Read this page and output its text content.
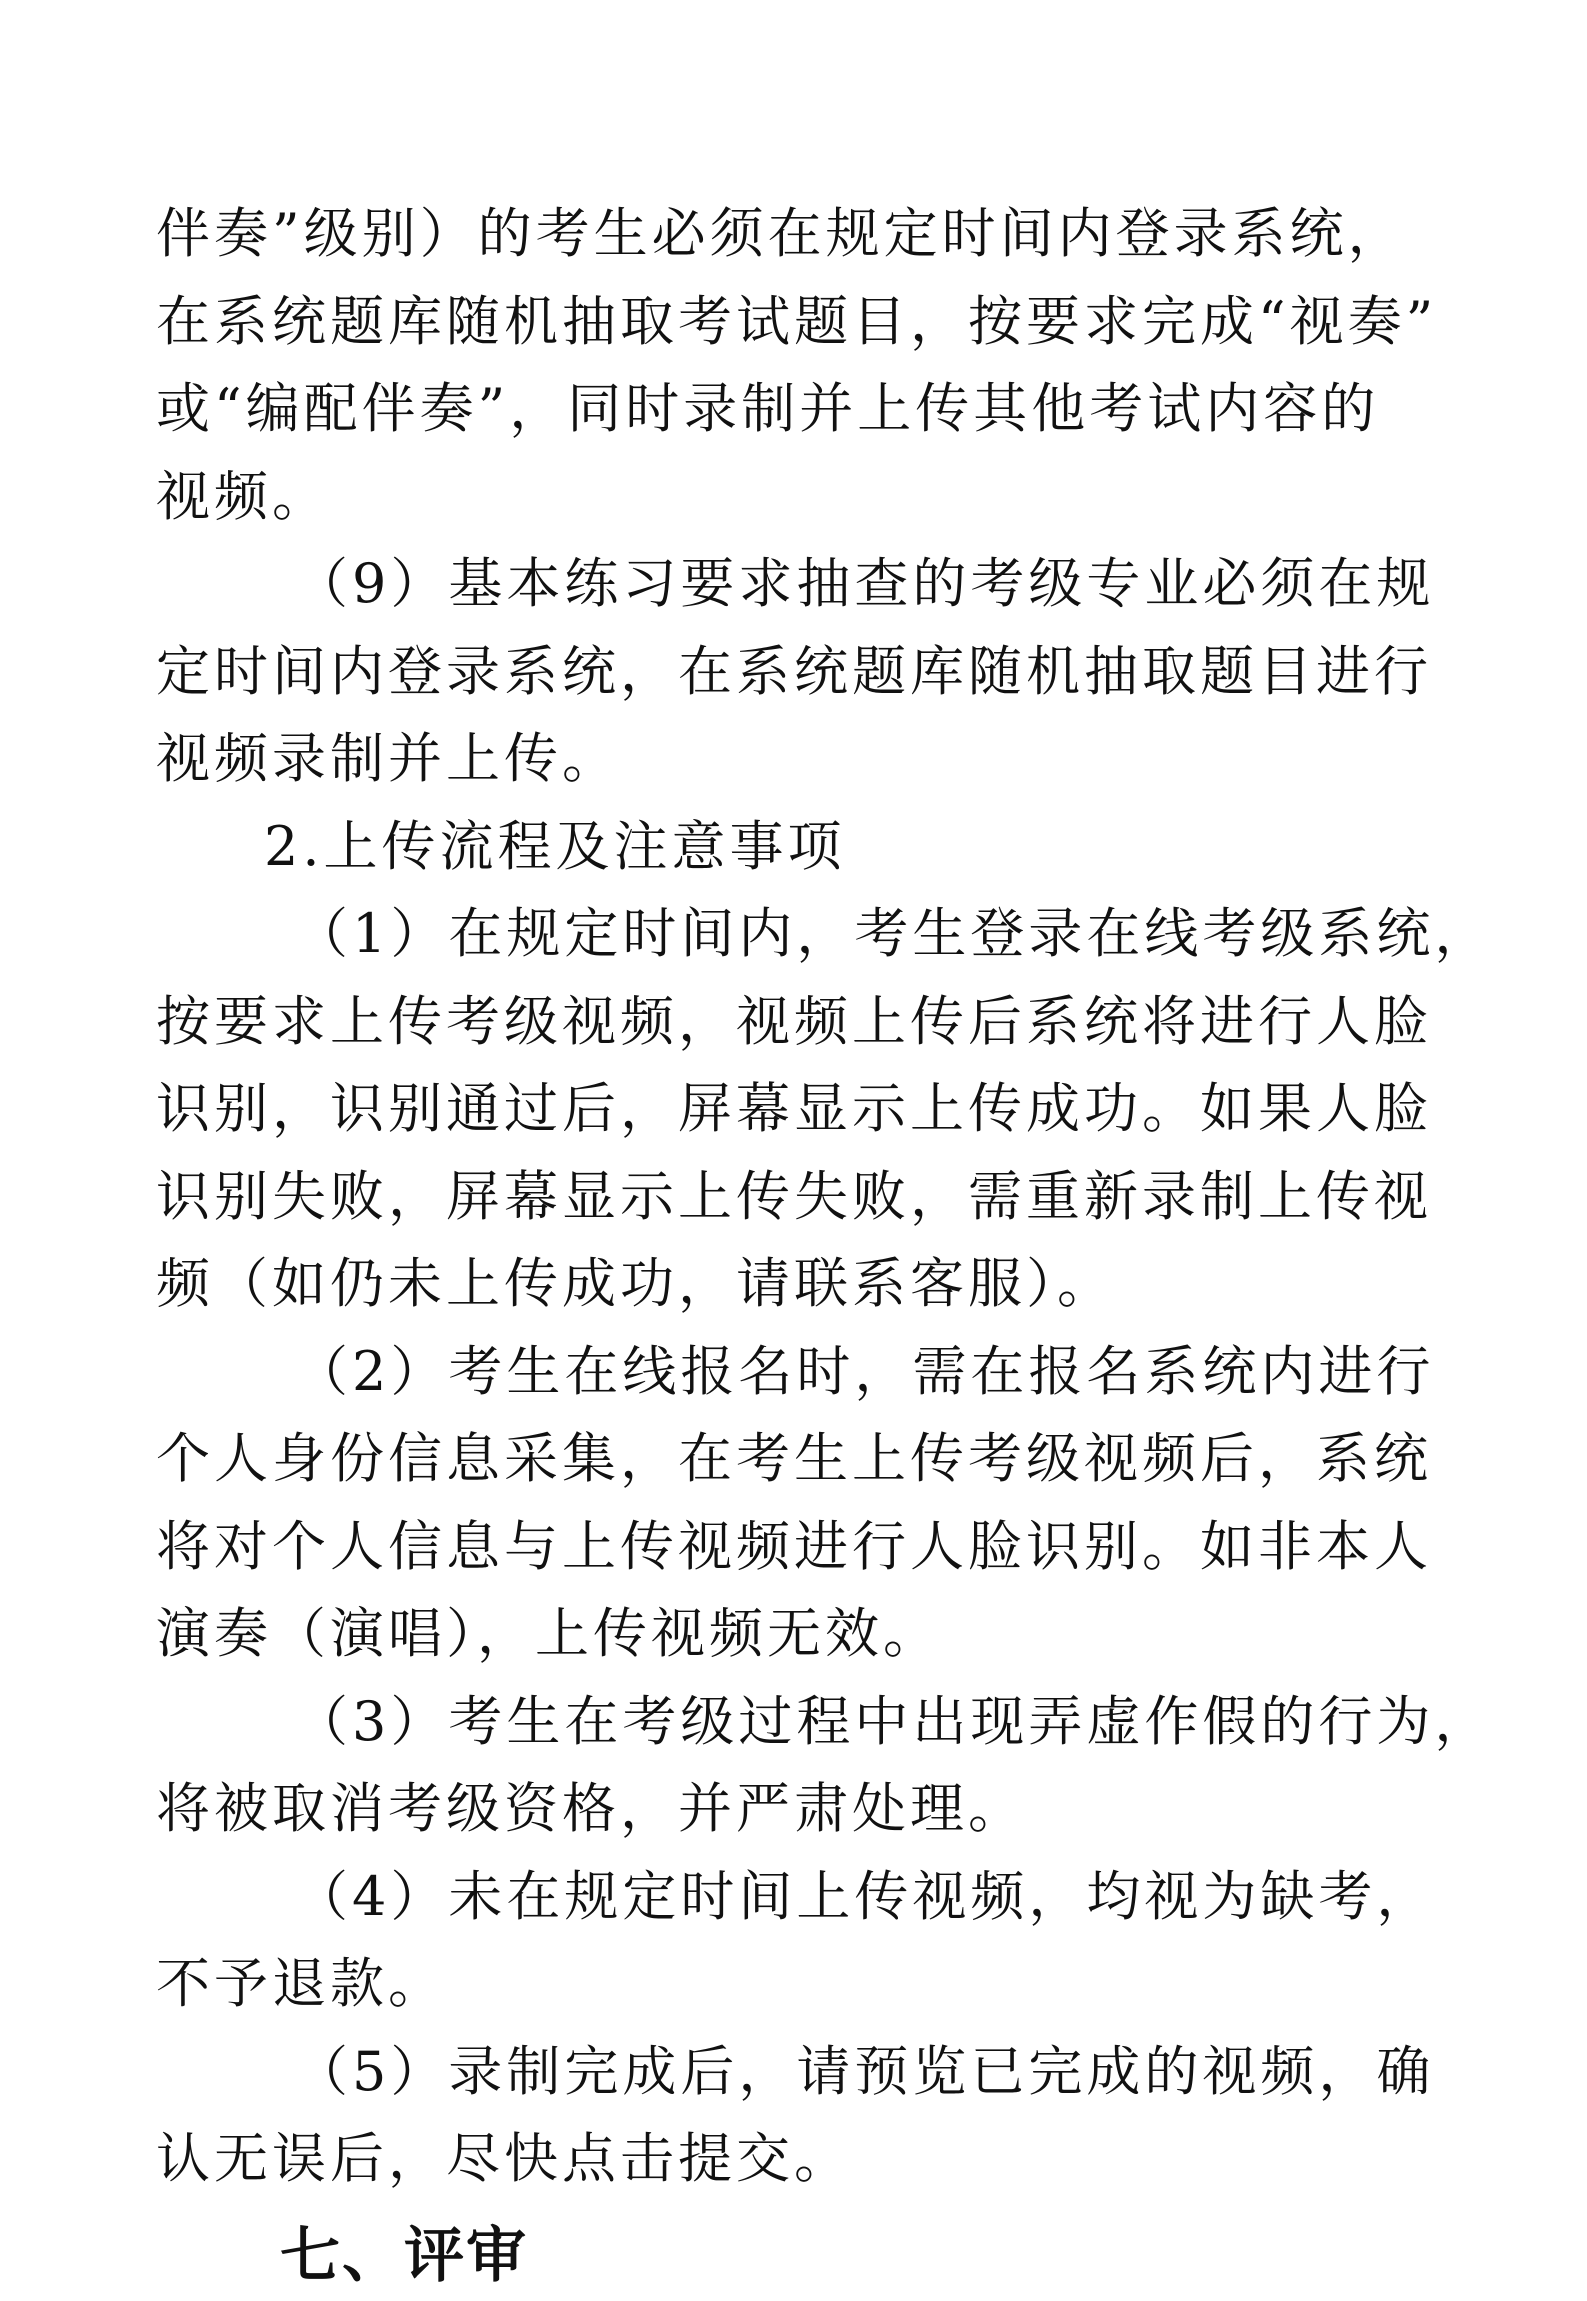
伴奏”级别）的考生必须在规定时间内登录系统，
在系统题库随机抽取考试题目，按要求完成“视奏”
或“编配伴奏”，同时录制并上传其他考试内容的
视频。
（9）基本练习要求抽查的考级专业必须在规
定时间内登录系统，在系统题库随机抽取题目进行
视频录制并上传。
2.上传流程及注意事项
（1）在规定时间内，考生登录在线考级系统，
按要求上传考级视频，视频上传后系统将进行人脸
识别，识别通过后，屏幕显示上传成功。如果人脸
识别失败，屏幕显示上传失败，需重新录制上传视
频（如仍未上传成功，请联系客服）。
（2）考生在线报名时，需在报名系统内进行
个人身份信息采集，在考生上传考级视频后，系统
将对个人信息与上传视频进行人脸识别。如非本人
演奏（演唱），上传视频无效。
（3）考生在考级过程中出现弄虚作假的行为，
将被取消考级资格，并严肃处理。
（4）未在规定时间上传视频，均视为缺考，
不予退款。
（5）录制完成后，请预览已完成的视频，确
认无误后，尽快点击提交。
七、评审
